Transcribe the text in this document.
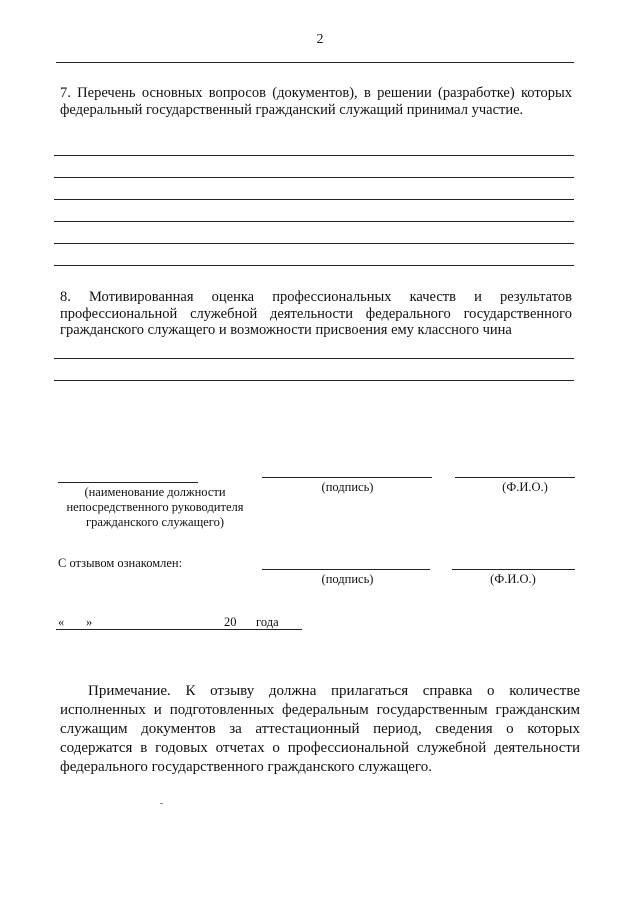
2
7. Перечень основных вопросов (документов), в решении (разработке) которых федеральный государственный гражданский служащий принимал участие.
8. Мотивированная оценка профессиональных качеств и результатов профессиональной служебной деятельности федерального государственного гражданского служащего и возможности присвоения ему классного чина
(наименование должности непосредственного руководителя гражданского служащего)
(подпись)	(Ф.И.О.)
С отзывом ознакомлен:
(подпись)	(Ф.И.О.)
« »	20 года
Примечание. К отзыву должна прилагаться справка о количестве исполненных и подготовленных федеральным государственным гражданским служащим документов за аттестационный период, сведения о которых содержатся в годовых отчетах о профессиональной служебной деятельности федерального государственного гражданского служащего.
